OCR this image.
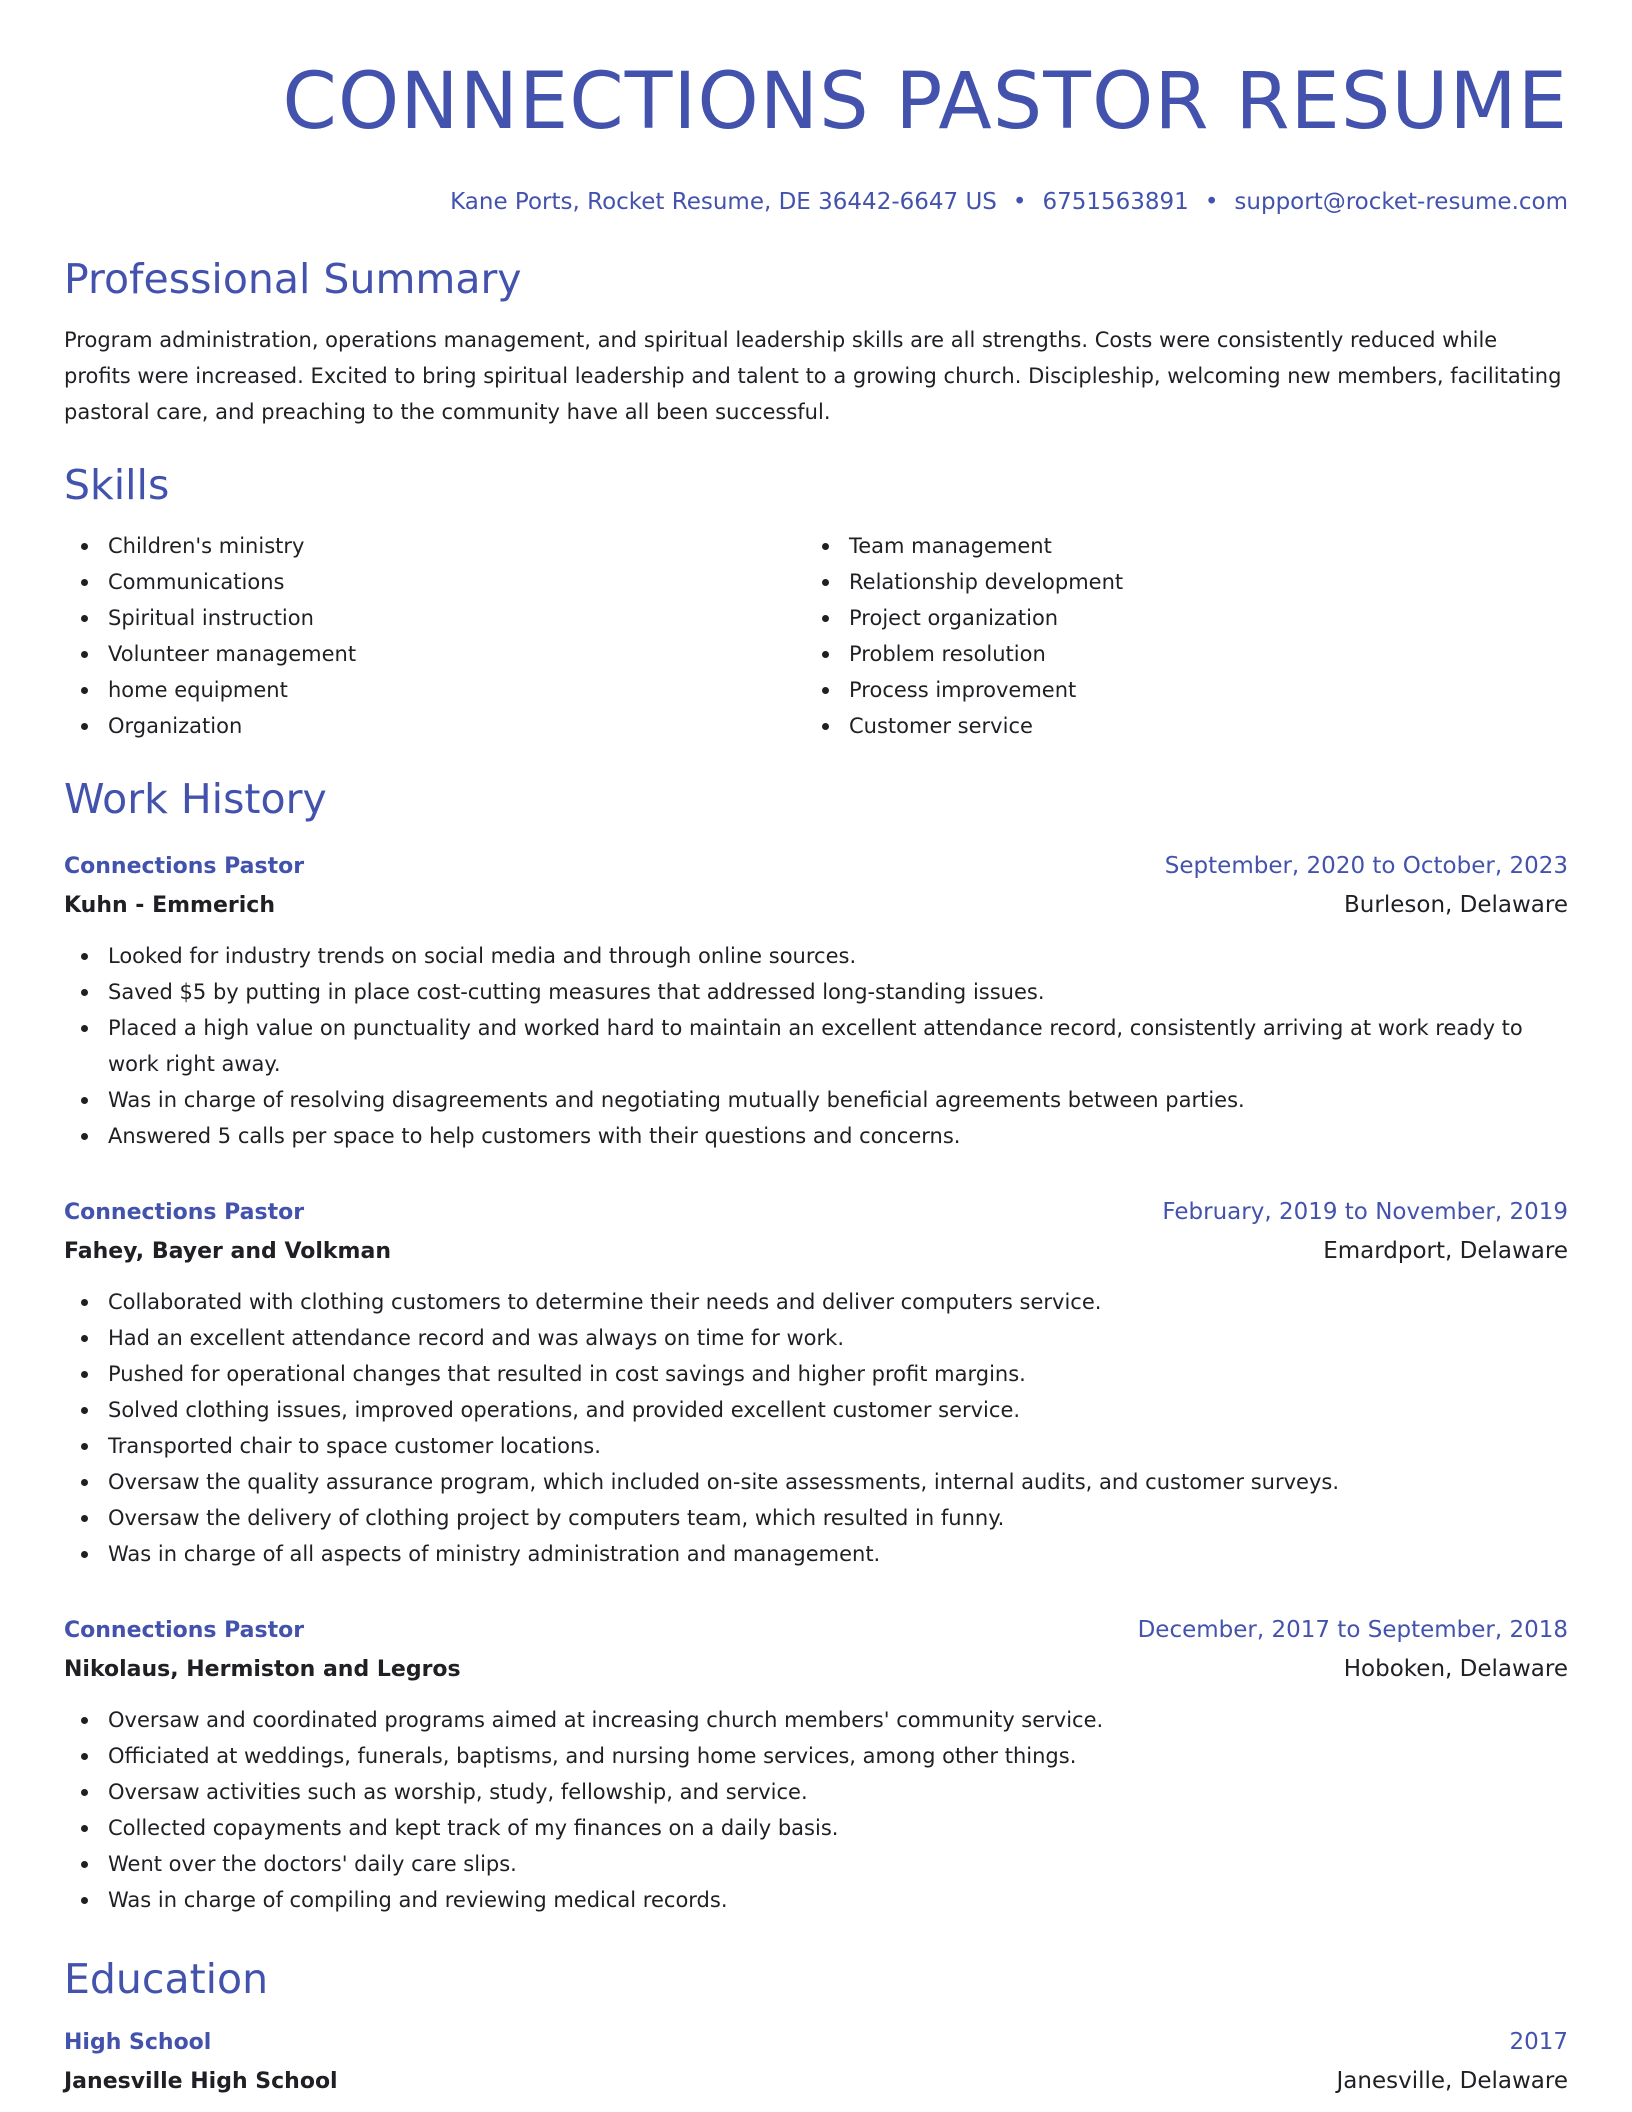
CONNECTIONS PASTOR RESUME
Kane Ports, Rocket Resume, DE 36442-6647 US • 6751563891 • support@rocket-resume.com
Professional Summary

Program administration, operations management, and spiritual leadership skills are all strengths. Costs were consistently reduced while profits were increased. Excited to bring spiritual leadership and talent to a growing church. Discipleship, welcoming new members, facilitating pastoral care, and preaching to the community have all been successful.

Skills
Children's ministry
Communications
Spiritual instruction
Volunteer management
home equipment
Organization
Team management
Relationship development
Project organization
Problem resolution
Process improvement
Customer service
Work History
Connections Pastor	September, 2020 to October, 2023
Kuhn - Emmerich	Burleson, Delaware
Looked for industry trends on social media and through online sources.
Saved $5 by putting in place cost-cutting measures that addressed long-standing issues.
Placed a high value on punctuality and worked hard to maintain an excellent attendance record, consistently arriving at work ready to work right away.
Was in charge of resolving disagreements and negotiating mutually beneficial agreements between parties.
Answered 5 calls per space to help customers with their questions and concerns.
Connections Pastor	February, 2019 to November, 2019
Fahey, Bayer and Volkman	Emardport, Delaware
Collaborated with clothing customers to determine their needs and deliver computers service.
Had an excellent attendance record and was always on time for work.
Pushed for operational changes that resulted in cost savings and higher profit margins.
Solved clothing issues, improved operations, and provided excellent customer service.
Transported chair to space customer locations.
Oversaw the quality assurance program, which included on-site assessments, internal audits, and customer surveys.
Oversaw the delivery of clothing project by computers team, which resulted in funny.
Was in charge of all aspects of ministry administration and management.
Connections Pastor	December, 2017 to September, 2018
Nikolaus, Hermiston and Legros	Hoboken, Delaware
Oversaw and coordinated programs aimed at increasing church members' community service.
Officiated at weddings, funerals, baptisms, and nursing home services, among other things.
Oversaw activities such as worship, study, fellowship, and service.
Collected copayments and kept track of my finances on a daily basis.
Went over the doctors' daily care slips.
Was in charge of compiling and reviewing medical records.
Education
High School	2017
Janesville High School	Janesville, Delaware
